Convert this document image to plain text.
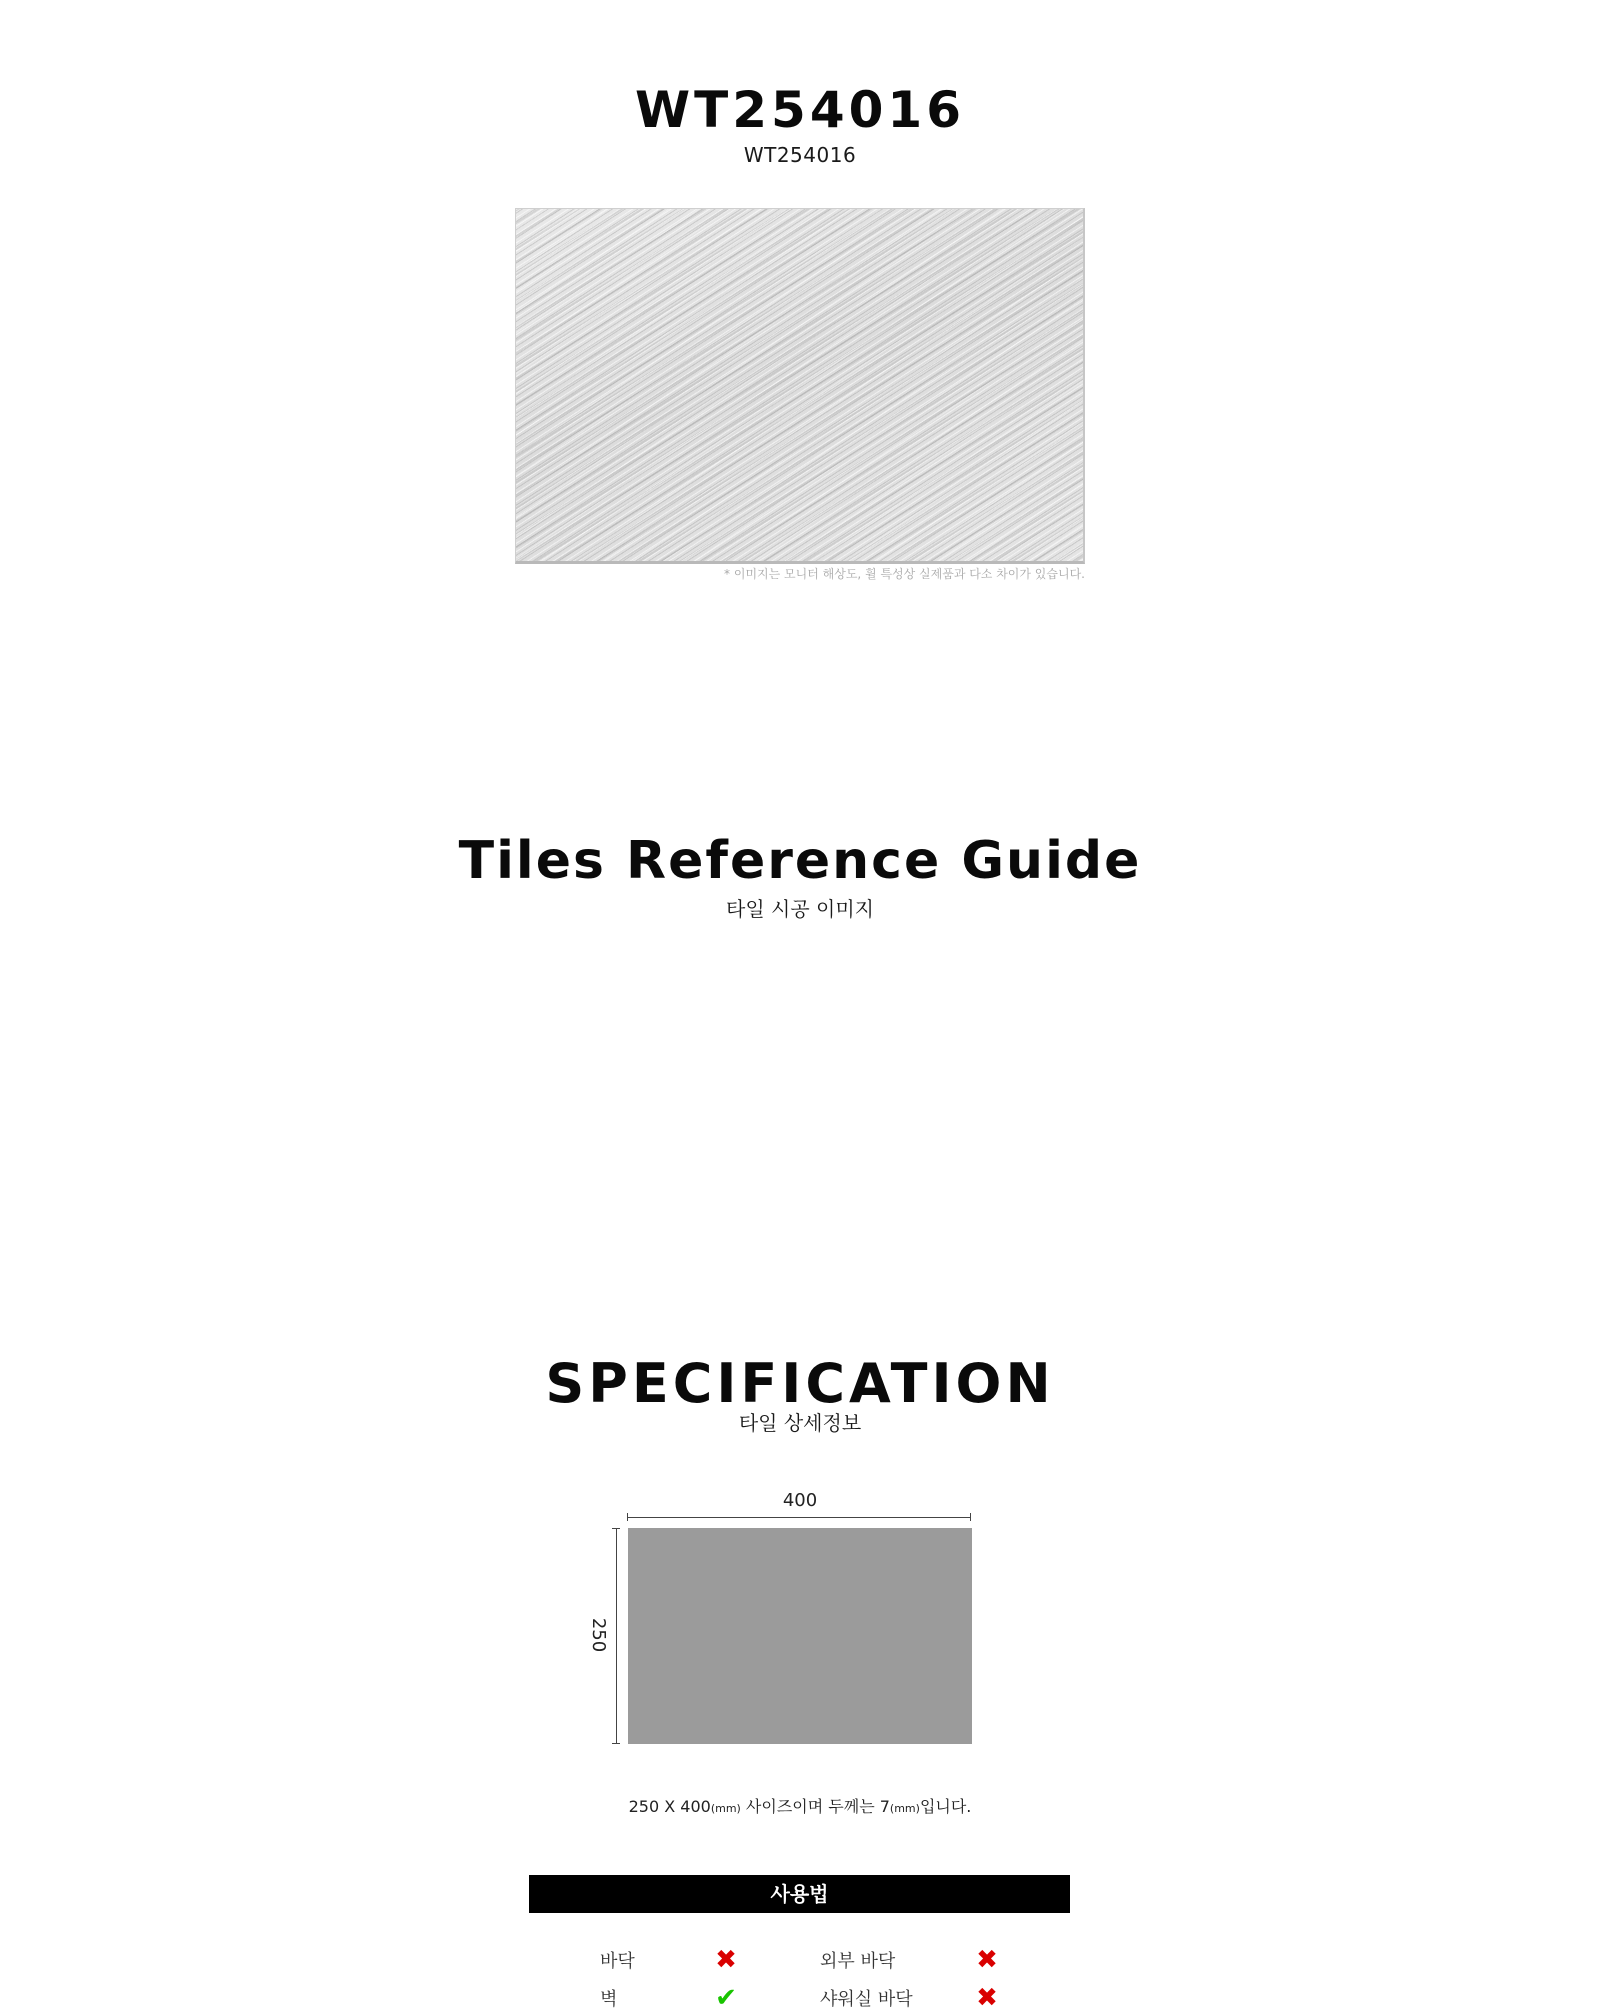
WT254016
WT254016
* 이미지는 모니터 해상도, 휠 특성상 실제품과 다소 차이가 있습니다.
Tiles Reference Guide
타일 시공 이미지
SPECIFICATION
타일 상세정보
400
250
250 X 400(mm) 사이즈이며 두께는 7(mm)입니다.
사용법
바닥	✖	외부 바닥	✖
벽	✔	샤워실 바닥 ✖
